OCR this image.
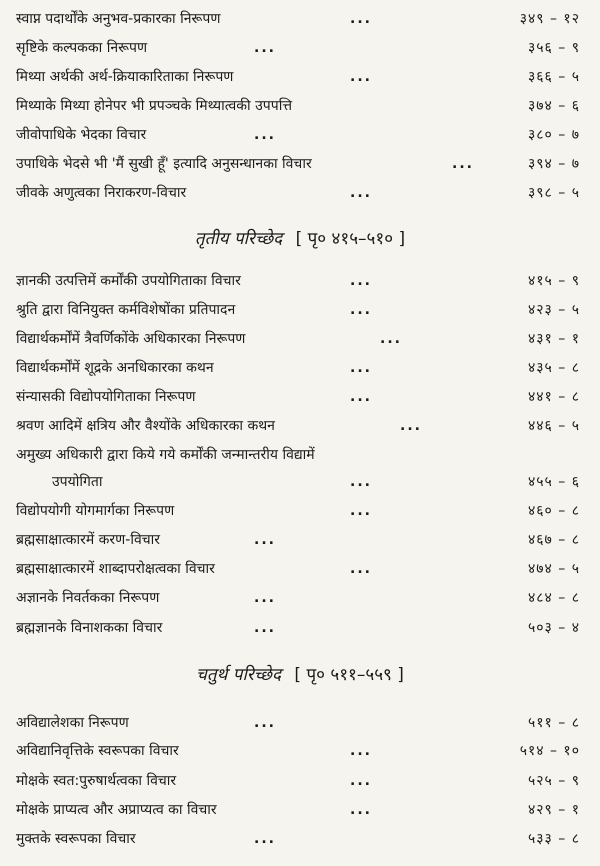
स्वाप्न पदार्थोंके अनुभव-प्रकारका निरूपण	...	३४९ – १२
सृष्टिके कल्पकका निरूपण	...	३५६ – ९
मिथ्या अर्थकी अर्थ-क्रियाकारिताका निरूपण	...	३६६ – ५
मिथ्याके मिथ्या होनेपर भी प्रपञ्चके मिथ्यात्वकी उपपत्ति	३७४ – ६
जीवोपाधिके भेदका विचार	...	३८० – ७
उपाधिके भेदसे भी 'मैं सुखी हूँ' इत्यादि अनुसन्धानका विचार	...	३९४ – ७
जीवके अणुत्वका निराकरण-विचार	...	३९८ – ५
तृतीय परिच्छेद [ पृ० ४१५–५१० ]
ज्ञानकी उत्पत्तिमें कर्मोंकी उपयोगिताका विचार	...	४१५ – ९
श्रुति द्वारा विनियुक्त कर्मविशेषोंका प्रतिपादन	...	४२३ – ५
विद्यार्थकर्मोंमें त्रैवर्णिकोंके अधिकारका निरूपण	...	४३१ – १
विद्यार्थकर्मोंमें शूद्रके अनधिकारका कथन	...	४३५ – ८
संन्यासकी विद्योपयोगिताका निरूपण	...	४४१ – ८
श्रवण आदिमें क्षत्रिय और वैश्योंके अधिकारका कथन	...	४४६ – ५
अमुख्य अधिकारी द्वारा किये गये कर्मोंकी जन्मान्तरीय विद्यामें
उपयोगिता	...	४५५ – ६
विद्योपयोगी योगमार्गका निरूपण	...	४६० – ८
ब्रह्मसाक्षात्कारमें करण-विचार	...	४६७ – ८
ब्रह्मसाक्षात्कारमें शाब्दापरोक्षत्वका विचार	...	४७४ – ५
अज्ञानके निवर्तकका निरूपण	...	४८४ – ८
ब्रह्मज्ञानके विनाशकका विचार	...	५०३ – ४
चतुर्थ परिच्छेद [ पृ० ५११–५५९ ]
अविद्यालेशका निरूपण	...	५११ – ८
अविद्यानिवृत्तिके स्वरूपका विचार	...	५१४ – १०
मोक्षके स्वत:पुरुषार्थत्वका विचार	...	५२५ – ९
मोक्षके प्राप्यत्व और अप्राप्यत्व का विचार	...	४२९ – १
मुक्तके स्वरूपका विचार	...	५३३ – ८
